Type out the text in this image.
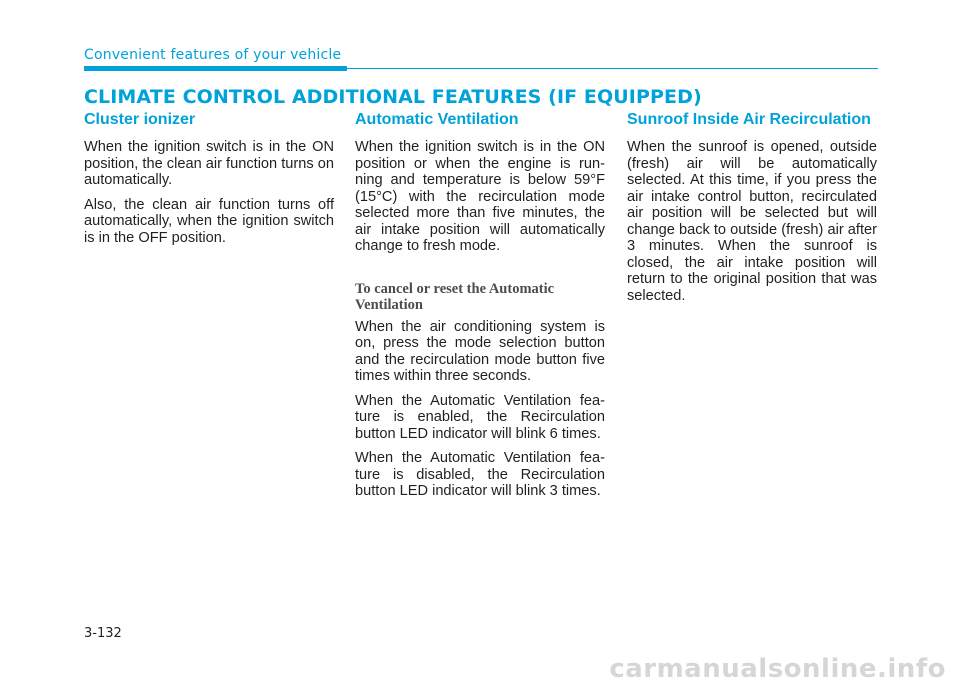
Convenient features of your vehicle
CLIMATE CONTROL ADDITIONAL FEATURES (IF EQUIPPED)
Cluster ionizer

When the ignition switch is in the ON position, the clean air function turns on automatically.

Also, the clean air function turns off automatically, when the ignition switch is in the OFF position.

Automatic Ventilation

When the ignition switch is in the ON position or when the engine is run-ning and temperature is below 59°F (15°C) with the recirculation mode selected more than five minutes, the air intake position will automatically change to fresh mode.

To cancel or reset the Automatic Ventilation

When the air conditioning system is on, press the mode selection button and the recirculation mode button five times within three seconds.

When the Automatic Ventilation fea-ture is enabled, the Recirculation button LED indicator will blink 6 times.

When the Automatic Ventilation fea-ture is disabled, the Recirculation button LED indicator will blink 3 times.

Sunroof Inside Air Recirculation

When the sunroof is opened, outside (fresh) air will be automatically selected. At this time, if you press the air intake control button, recirculated air position will be selected but will change back to outside (fresh) air after 3 minutes. When the sunroof is closed, the air intake position will return to the original position that was selected.

3-132
carmanualsonline.info
